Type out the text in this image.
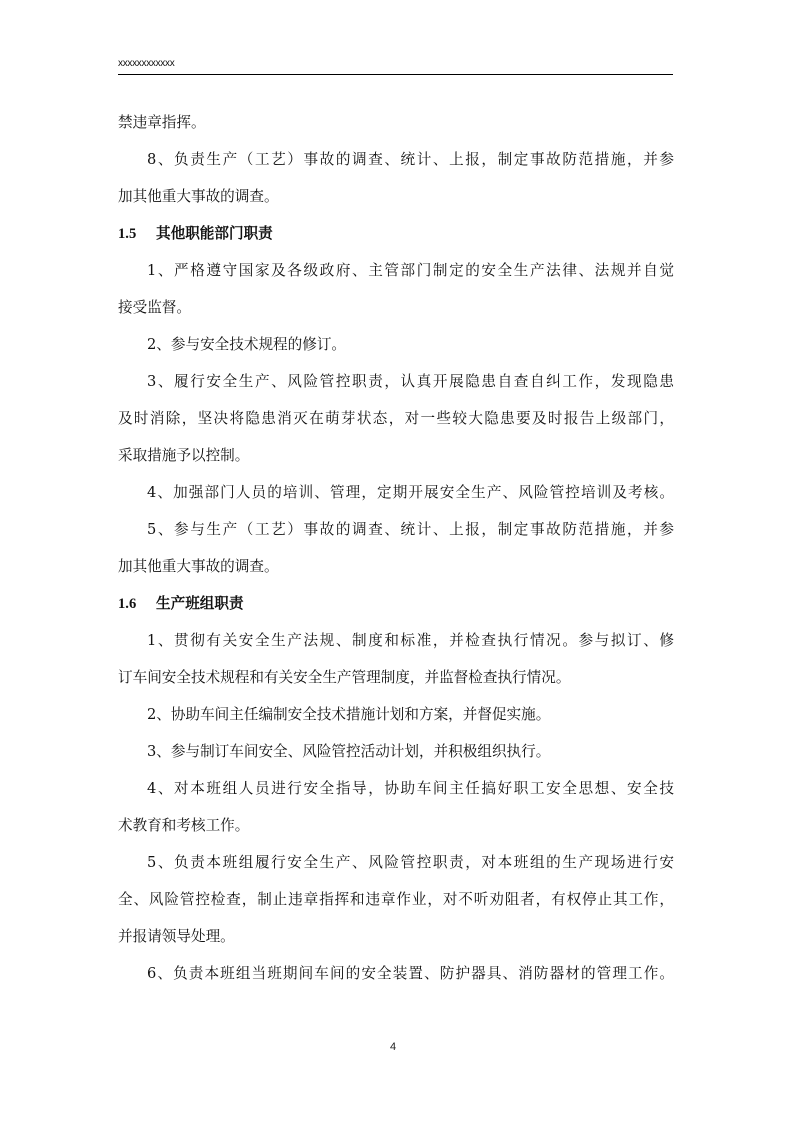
xxxxxxxxxxxx
禁违章指挥。
8、负责生产（工艺）事故的调查、统计、上报，制定事故防范措施，并参
加其他重大事故的调查。
1.5 其他职能部门职责
1、严格遵守国家及各级政府、主管部门制定的安全生产法律、法规并自觉
接受监督。
2、参与安全技术规程的修订。
3、履行安全生产、风险管控职责，认真开展隐患自查自纠工作，发现隐患
及时消除，坚决将隐患消灭在萌芽状态，对一些较大隐患要及时报告上级部门，
采取措施予以控制。
4、加强部门人员的培训、管理，定期开展安全生产、风险管控培训及考核。
5、参与生产（工艺）事故的调查、统计、上报，制定事故防范措施，并参
加其他重大事故的调查。
1.6 生产班组职责
1、贯彻有关安全生产法规、制度和标准，并检查执行情况。参与拟订、修
订车间安全技术规程和有关安全生产管理制度，并监督检查执行情况。
2、协助车间主任编制安全技术措施计划和方案，并督促实施。
3、参与制订车间安全、风险管控活动计划，并积极组织执行。
4、对本班组人员进行安全指导，协助车间主任搞好职工安全思想、安全技
术教育和考核工作。
5、负责本班组履行安全生产、风险管控职责，对本班组的生产现场进行安
全、风险管控检查，制止违章指挥和违章作业，对不听劝阻者，有权停止其工作，
并报请领导处理。
6、负责本班组当班期间车间的安全装置、防护器具、消防器材的管理工作。
4
